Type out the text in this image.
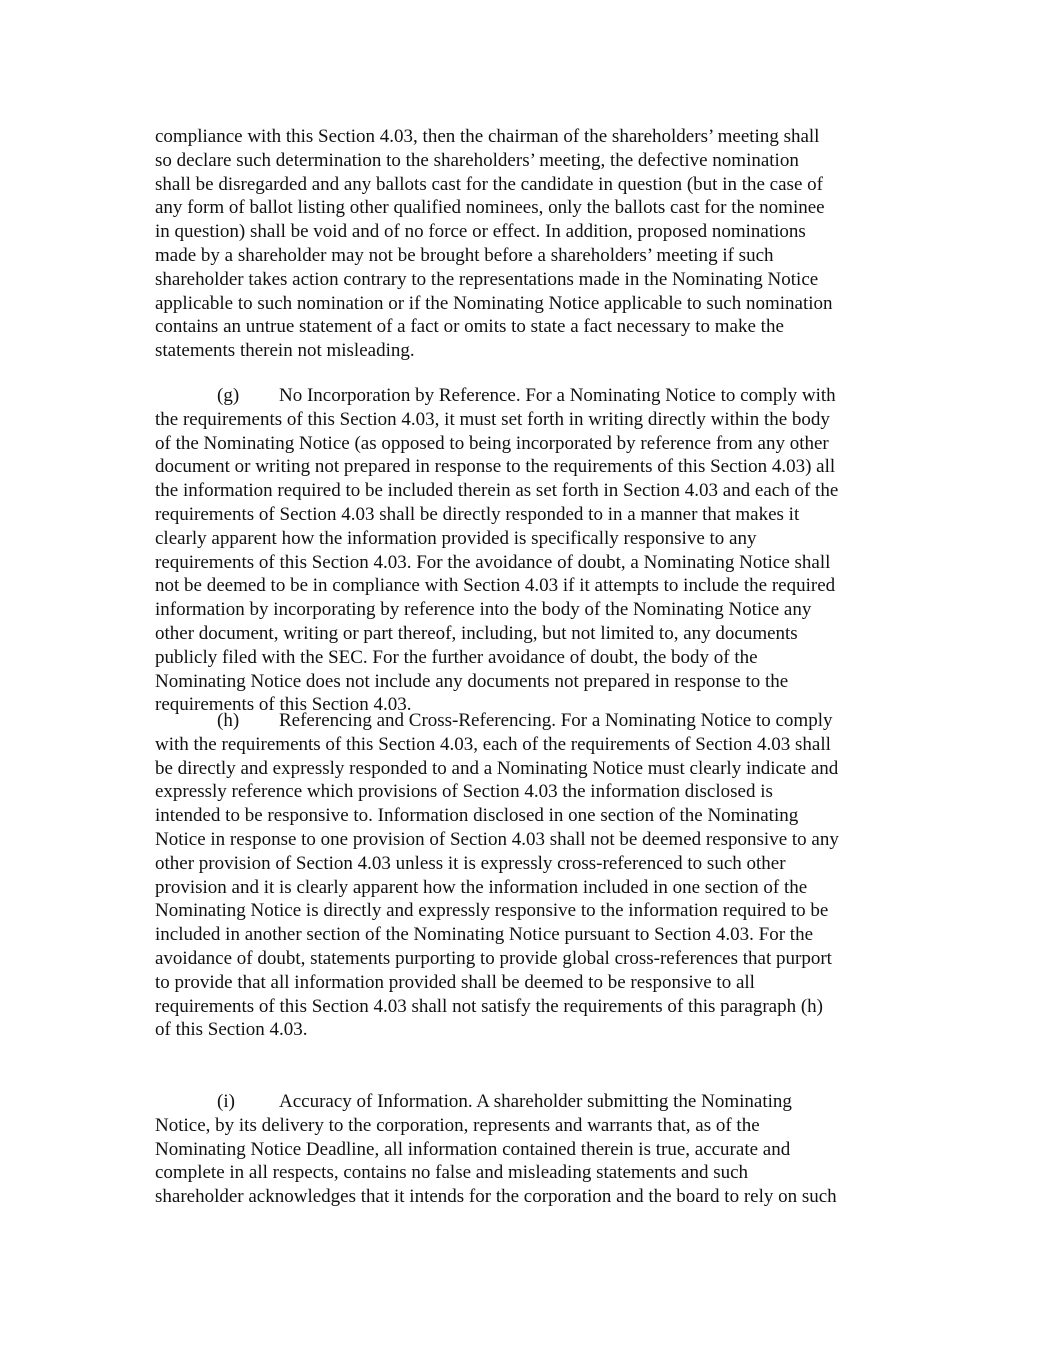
compliance with this Section 4.03, then the chairman of the shareholders’ meeting shall
so declare such determination to the shareholders’ meeting, the defective nomination
shall be disregarded and any ballots cast for the candidate in question (but in the case of
any form of ballot listing other qualified nominees, only the ballots cast for the nominee
in question) shall be void and of no force or effect. In addition, proposed nominations
made by a shareholder may not be brought before a shareholders’ meeting if such
shareholder takes action contrary to the representations made in the Nominating Notice
applicable to such nomination or if the Nominating Notice applicable to such nomination
contains an untrue statement of a fact or omits to state a fact necessary to make the
statements therein not misleading.
(g) No Incorporation by Reference. For a Nominating Notice to comply with
the requirements of this Section 4.03, it must set forth in writing directly within the body
of the Nominating Notice (as opposed to being incorporated by reference from any other
document or writing not prepared in response to the requirements of this Section 4.03) all
the information required to be included therein as set forth in Section 4.03 and each of the
requirements of Section 4.03 shall be directly responded to in a manner that makes it
clearly apparent how the information provided is specifically responsive to any
requirements of this Section 4.03. For the avoidance of doubt, a Nominating Notice shall
not be deemed to be in compliance with Section 4.03 if it attempts to include the required
information by incorporating by reference into the body of the Nominating Notice any
other document, writing or part thereof, including, but not limited to, any documents
publicly filed with the SEC. For the further avoidance of doubt, the body of the
Nominating Notice does not include any documents not prepared in response to the
requirements of this Section 4.03.
(h) Referencing and Cross-Referencing. For a Nominating Notice to comply
with the requirements of this Section 4.03, each of the requirements of Section 4.03 shall
be directly and expressly responded to and a Nominating Notice must clearly indicate and
expressly reference which provisions of Section 4.03 the information disclosed is
intended to be responsive to. Information disclosed in one section of the Nominating
Notice in response to one provision of Section 4.03 shall not be deemed responsive to any
other provision of Section 4.03 unless it is expressly cross-referenced to such other
provision and it is clearly apparent how the information included in one section of the
Nominating Notice is directly and expressly responsive to the information required to be
included in another section of the Nominating Notice pursuant to Section 4.03. For the
avoidance of doubt, statements purporting to provide global cross-references that purport
to provide that all information provided shall be deemed to be responsive to all
requirements of this Section 4.03 shall not satisfy the requirements of this paragraph (h)
of this Section 4.03.
(i) Accuracy of Information. A shareholder submitting the Nominating
Notice, by its delivery to the corporation, represents and warrants that, as of the
Nominating Notice Deadline, all information contained therein is true, accurate and
complete in all respects, contains no false and misleading statements and such
shareholder acknowledges that it intends for the corporation and the board to rely on such
